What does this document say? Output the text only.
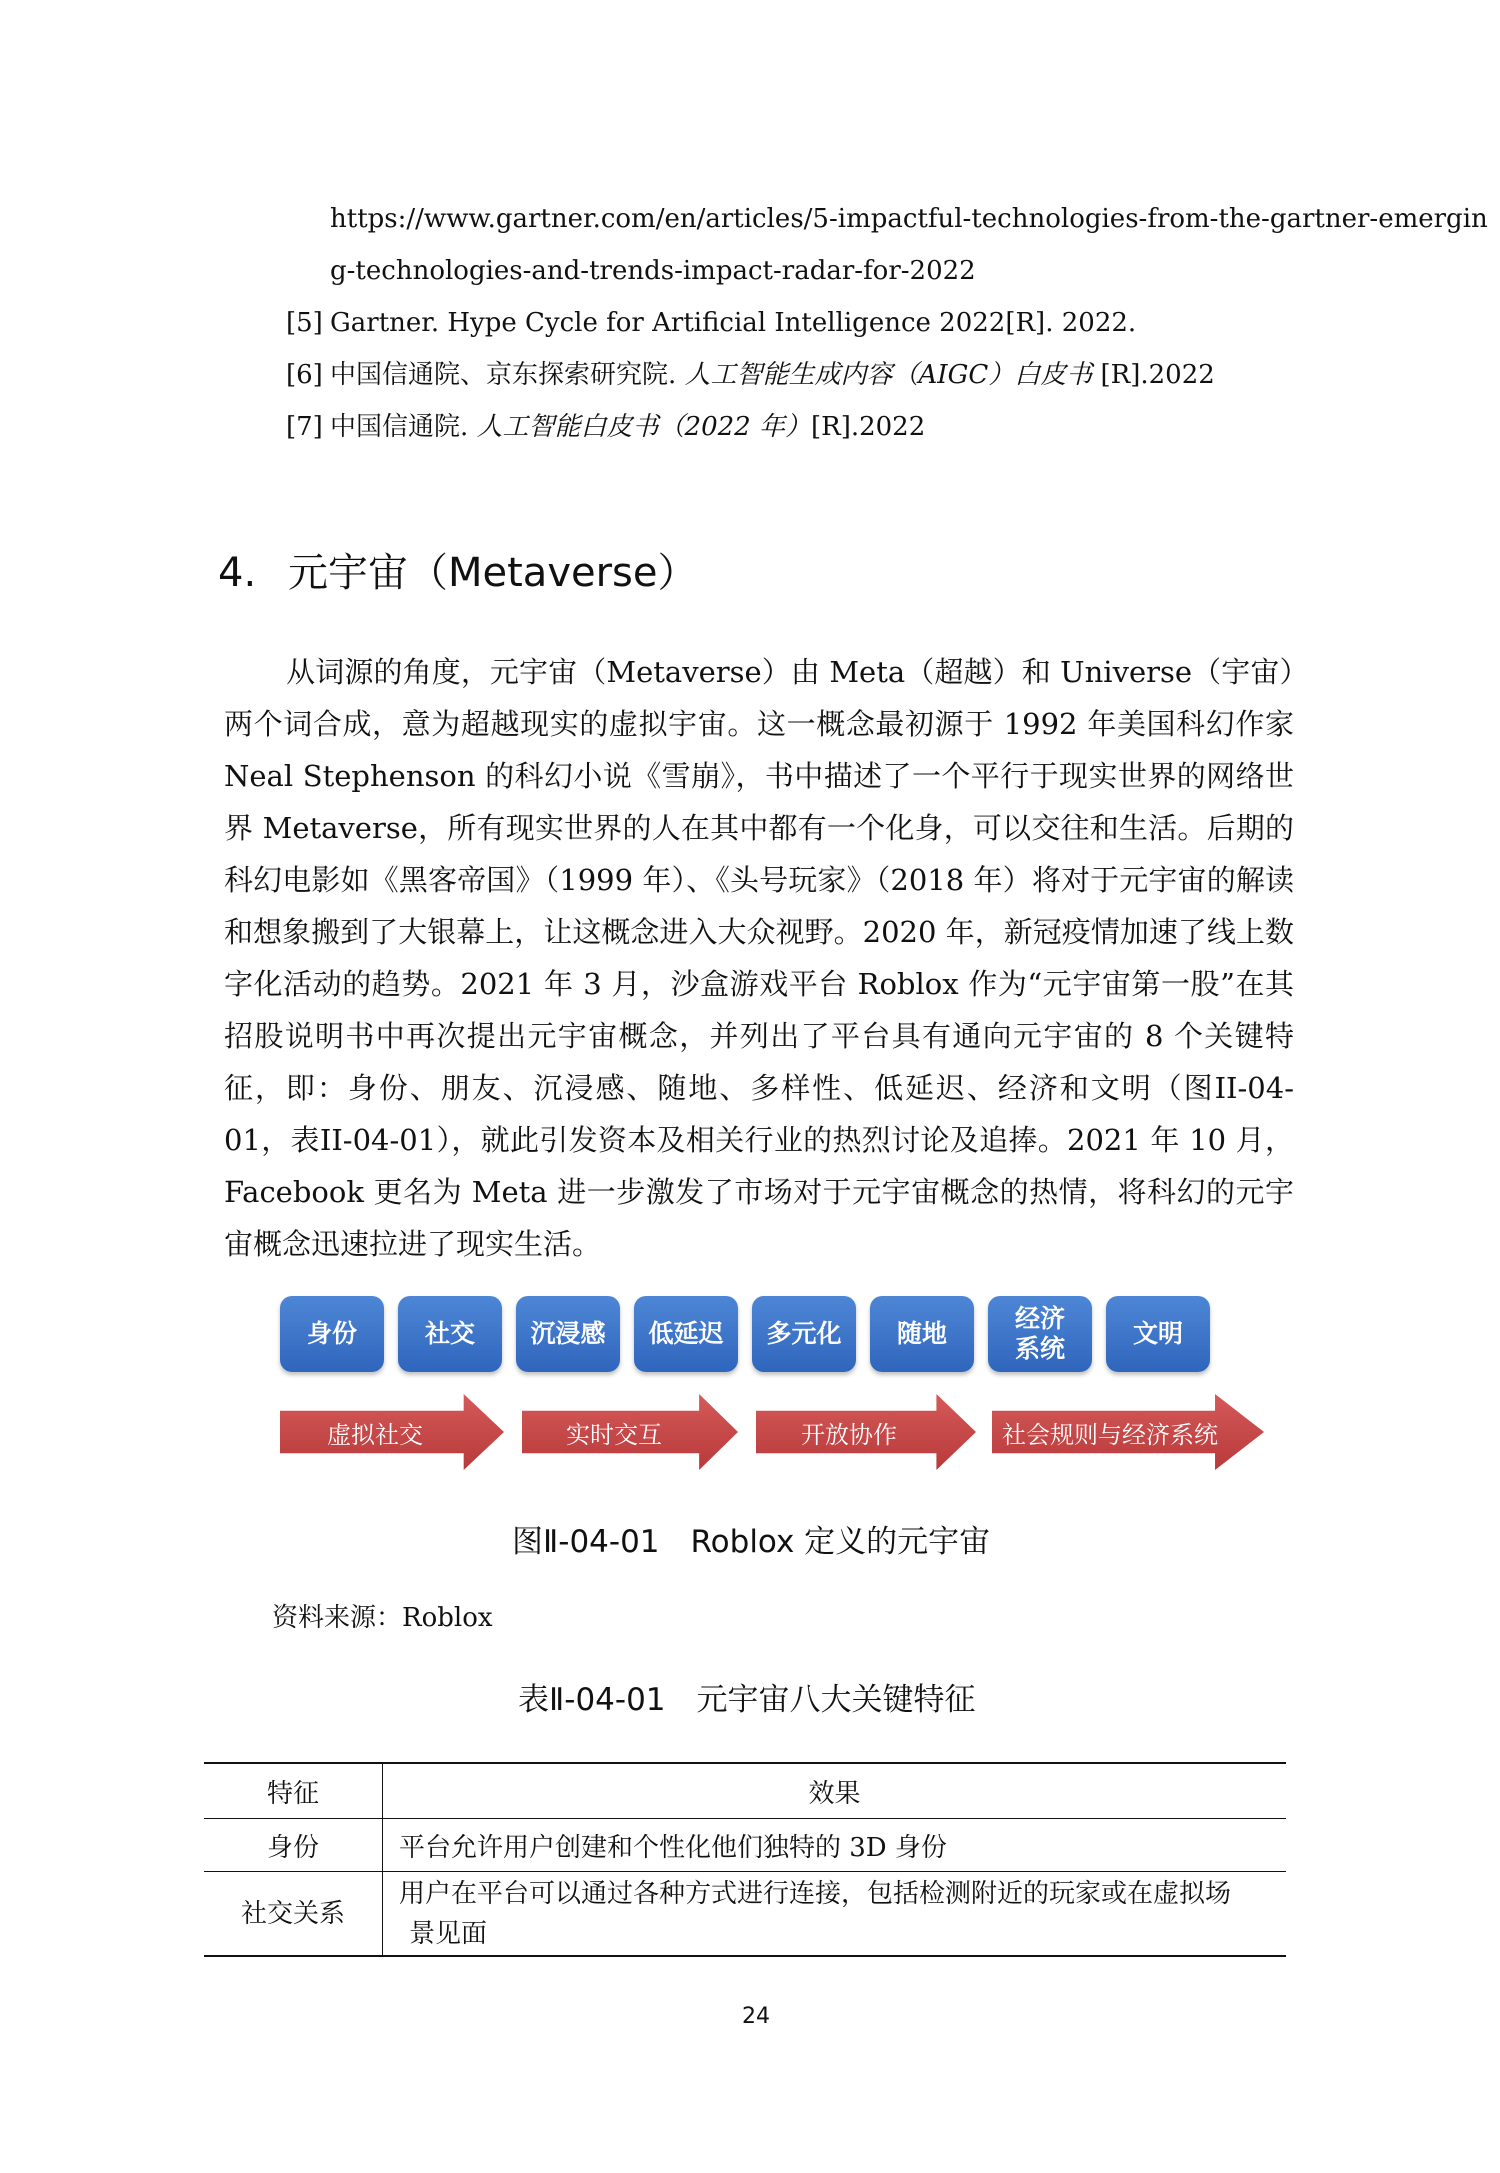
https://www.gartner.com/en/articles/5-impactful-technologies-from-the-gartner-emergin
g-technologies-and-trends-impact-radar-for-2022
[5] Gartner. Hype Cycle for Artificial Intelligence 2022[R]. 2022.
[6] 中国信通院、京东探索研究院. 人工智能生成内容（AIGC）白皮书 [R].2022
[7] 中国信通院. 人工智能白皮书（2022 年）[R].2022
4. 元宇宙（Metaverse）
从词源的角度，元宇宙（Metaverse）由 Meta（超越）和 Universe（宇宙）两个词合成，意为超越现实的虚拟宇宙。这一概念最初源于 1992 年美国科幻作家 Neal Stephenson 的科幻小说《雪崩》，书中描述了一个平行于现实世界的网络世界 Metaverse，所有现实世界的人在其中都有一个化身，可以交往和生活。后期的科幻电影如《黑客帝国》（1999 年）、《头号玩家》（2018 年）将对于元宇宙的解读和想象搬到了大银幕上，让这概念进入大众视野。2020 年，新冠疫情加速了线上数字化活动的趋势。2021 年 3 月，沙盒游戏平台 Roblox 作为“元宇宙第一股”在其招股说明书中再次提出元宇宙概念，并列出了平台具有通向元宇宙的 8 个关键特征，即：身份、朋友、沉浸感、随地、多样性、低延迟、经济和文明（图II-04-01，表II-04-01），就此引发资本及相关行业的热烈讨论及追捧。2021 年 10 月，Facebook 更名为 Meta 进一步激发了市场对于元宇宙概念的热情，将科幻的元宇宙概念迅速拉进了现实生活。
身份	社交	沉浸感	低延迟	多元化	随地
经济
系统
文明
虚拟社交	实时交互	开放协作	社会规则与经济系统
图Ⅱ-04-01　Roblox 定义的元宇宙
资料来源：Roblox
表Ⅱ-04-01　元宇宙八大关键特征
特征	效果
身份	平台允许用户创建和个性化他们独特的 3D 身份
社交关系	用户在平台可以通过各种方式进行连接，包括检测附近的玩家或在虚拟场
景见面
24
